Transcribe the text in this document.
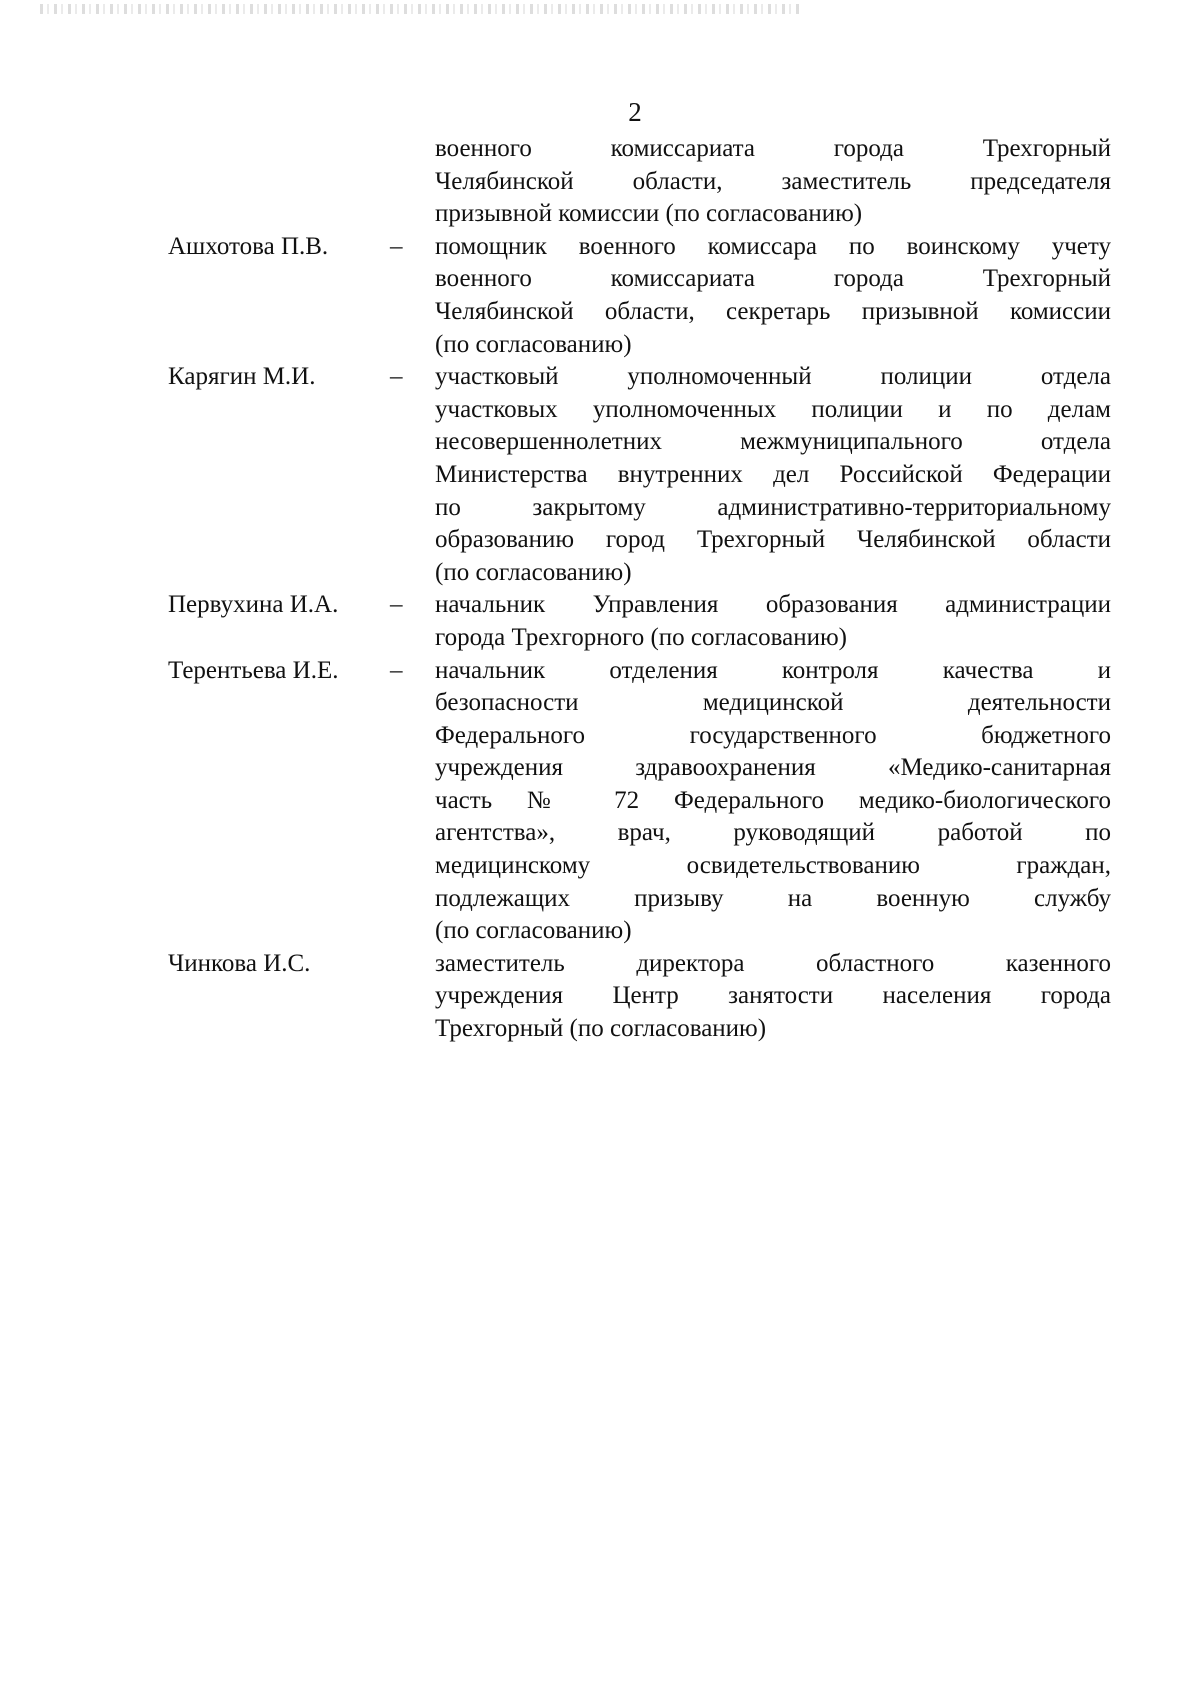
2
военного комиссариата города Трехгорный
Челябинской области, заместитель председателя
призывной комиссии (по согласованию)
Ашхотова П.В.	–	помощник военного комиссара по воинскому учету
военного комиссариата города Трехгорный
Челябинской области, секретарь призывной комиссии
(по согласованию)
Карягин М.И.	–	участковый уполномоченный полиции отдела
участковых уполномоченных полиции и по делам
несовершеннолетних межмуниципального отдела
Министерства внутренних дел Российской Федерации
по закрытому административно-территориальному
образованию город Трехгорный Челябинской области
(по согласованию)
Первухина И.А.	–	начальник Управления образования администрации
города Трехгорного (по согласованию)
Терентьева И.Е.	–	начальник отделения контроля качества и
безопасности медицинской деятельности
Федерального государственного бюджетного
учреждения здравоохранения «Медико-санитарная
часть № 72 Федерального медико-биологического
агентства», врач, руководящий работой по
медицинскому освидетельствованию граждан,
подлежащих призыву на военную службу
(по согласованию)
Чинкова И.С.	заместитель директора областного казенного
учреждения Центр занятости населения города
Трехгорный (по согласованию)
